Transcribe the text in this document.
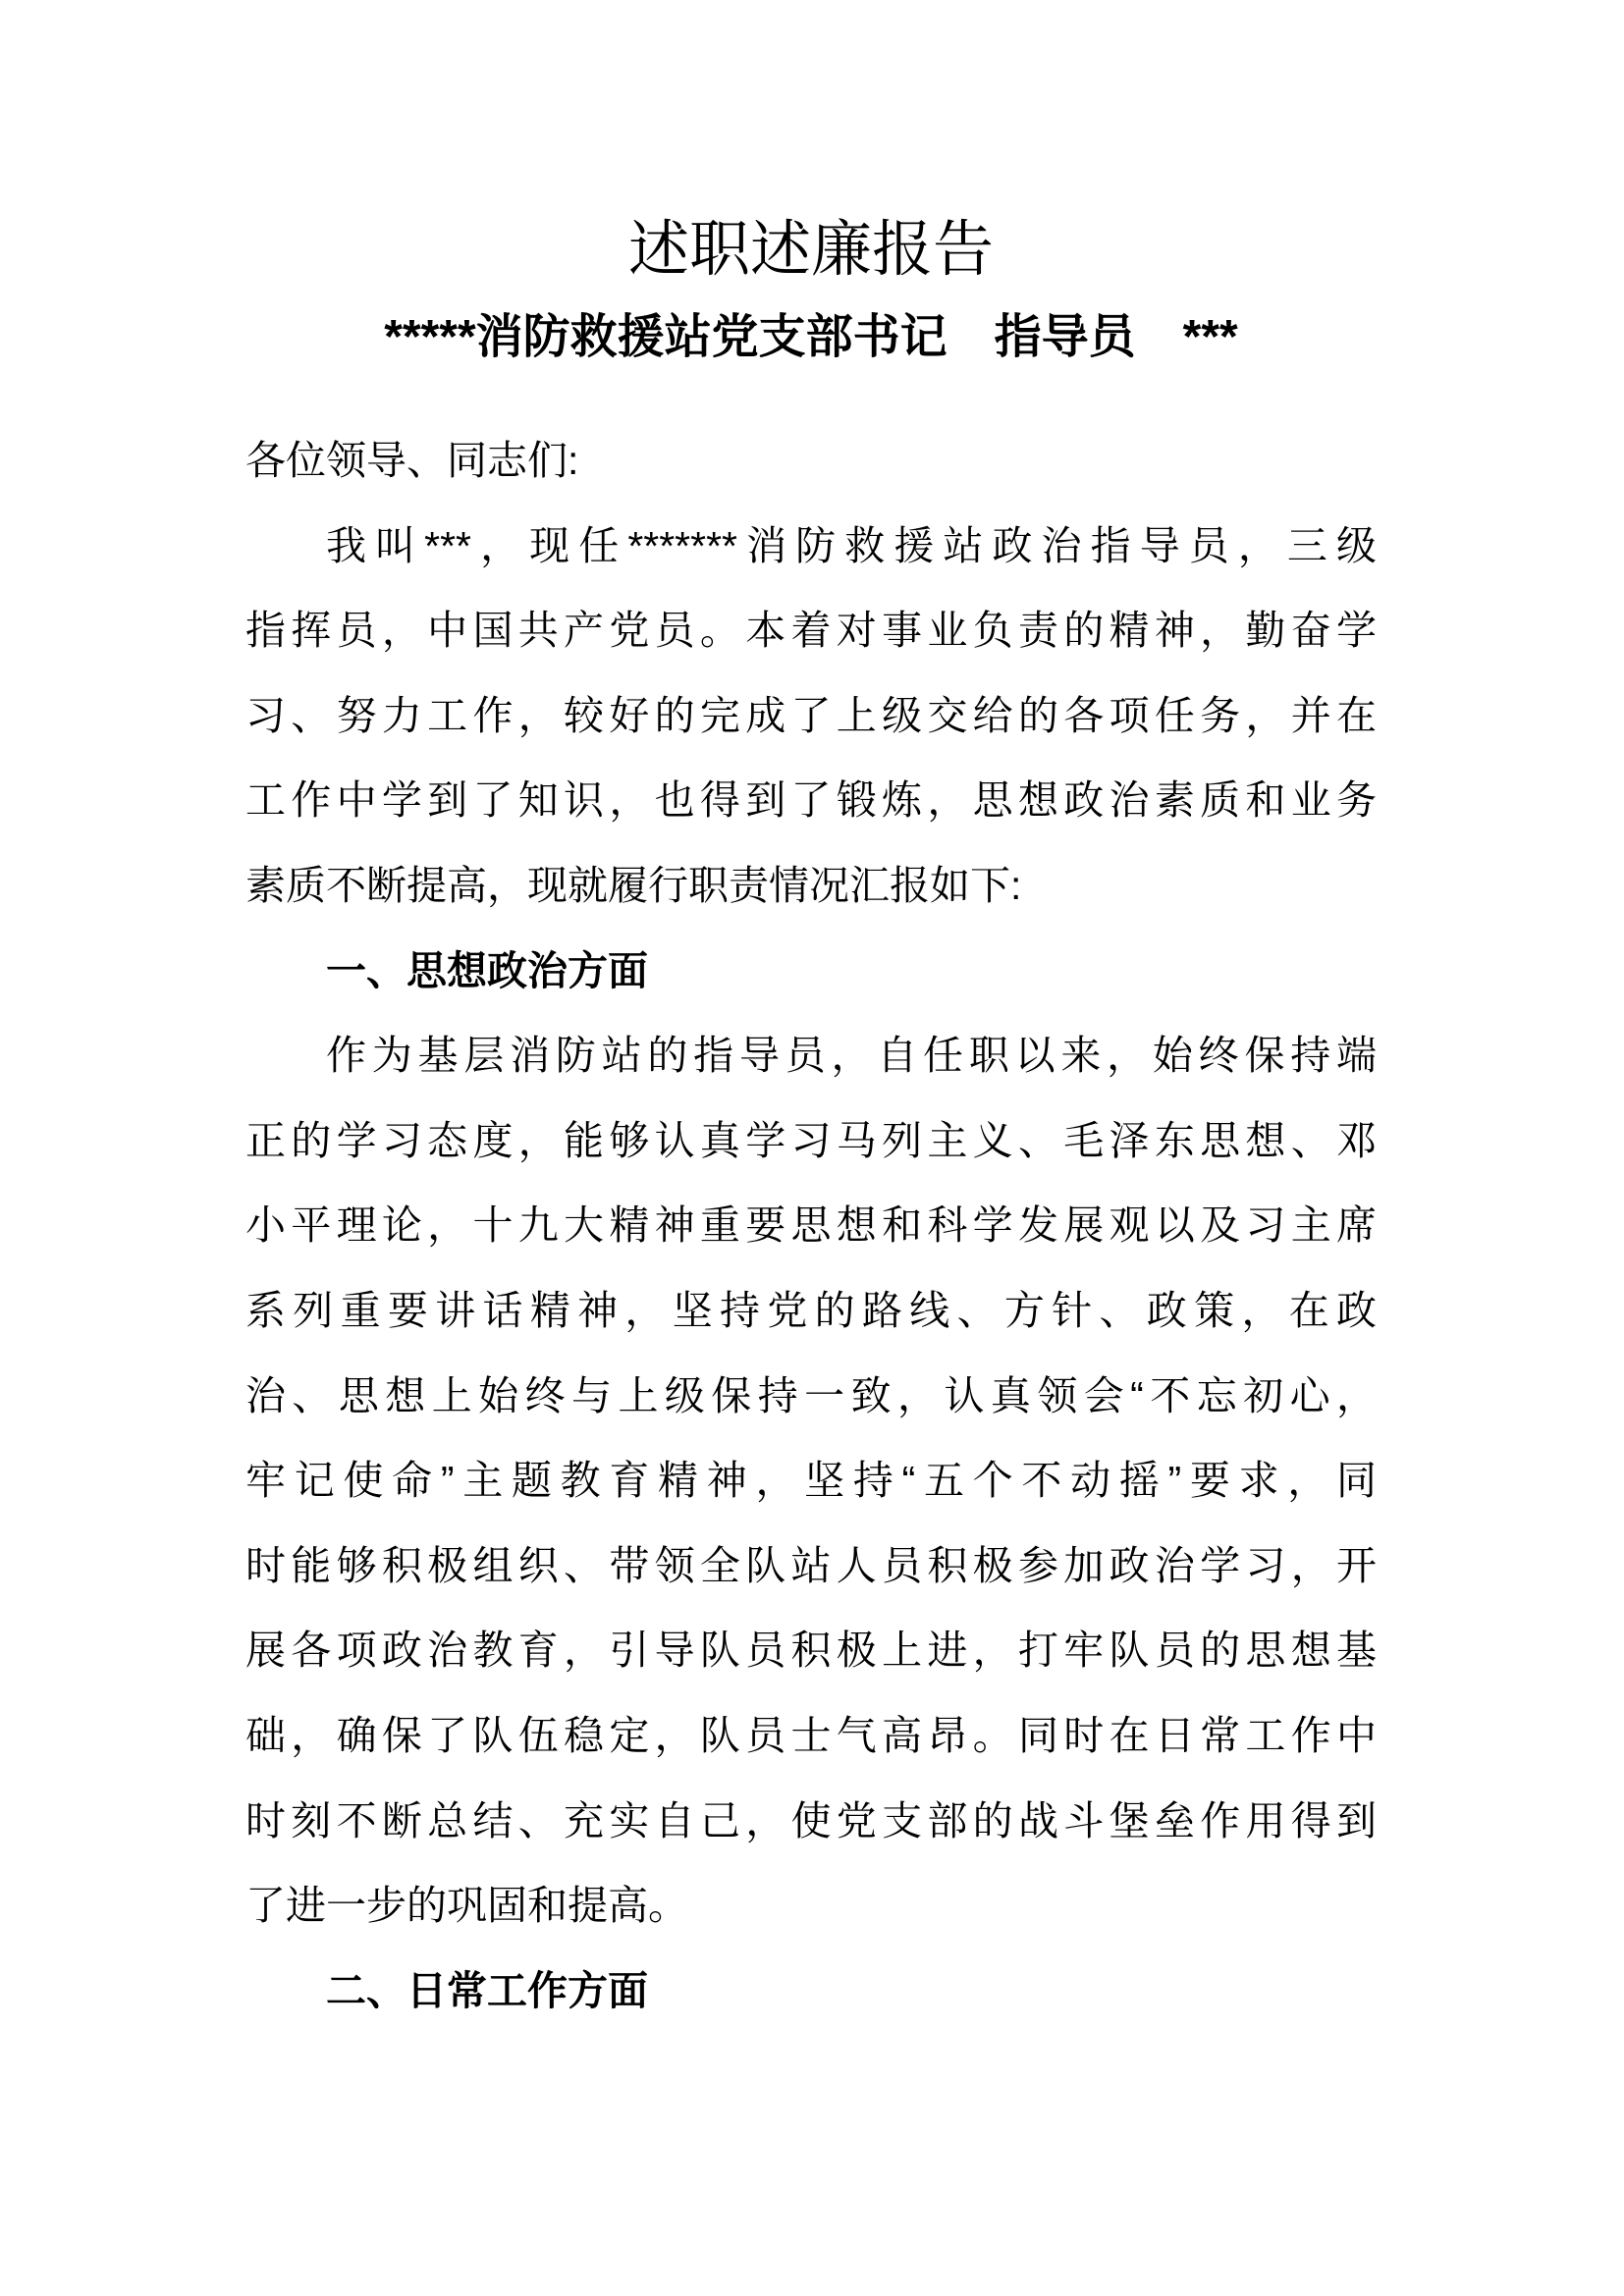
述职述廉报告
*****消防救援站党支部书记　指导员　***
各位领导、同志们:
我叫***，现任*******消防救援站政治指导员，三级
指挥员，中国共产党员。本着对事业负责的精神，勤奋学
习、努力工作，较好的完成了上级交给的各项任务，并在
工作中学到了知识，也得到了锻炼，思想政治素质和业务
素质不断提高，现就履行职责情况汇报如下:
一、思想政治方面
作为基层消防站的指导员，自任职以来，始终保持端
正的学习态度，能够认真学习马列主义、毛泽东思想、邓
小平理论，十九大精神重要思想和科学发展观以及习主席
系列重要讲话精神，坚持党的路线、方针、政策，在政
治、思想上始终与上级保持一致，认真领会“不忘初心，
牢记使命”主题教育精神，坚持“五个不动摇”要求，同
时能够积极组织、带领全队站人员积极参加政治学习，开
展各项政治教育，引导队员积极上进，打牢队员的思想基
础，确保了队伍稳定，队员士气高昂。同时在日常工作中
时刻不断总结、充实自己，使党支部的战斗堡垒作用得到
了进一步的巩固和提高。
二、日常工作方面
